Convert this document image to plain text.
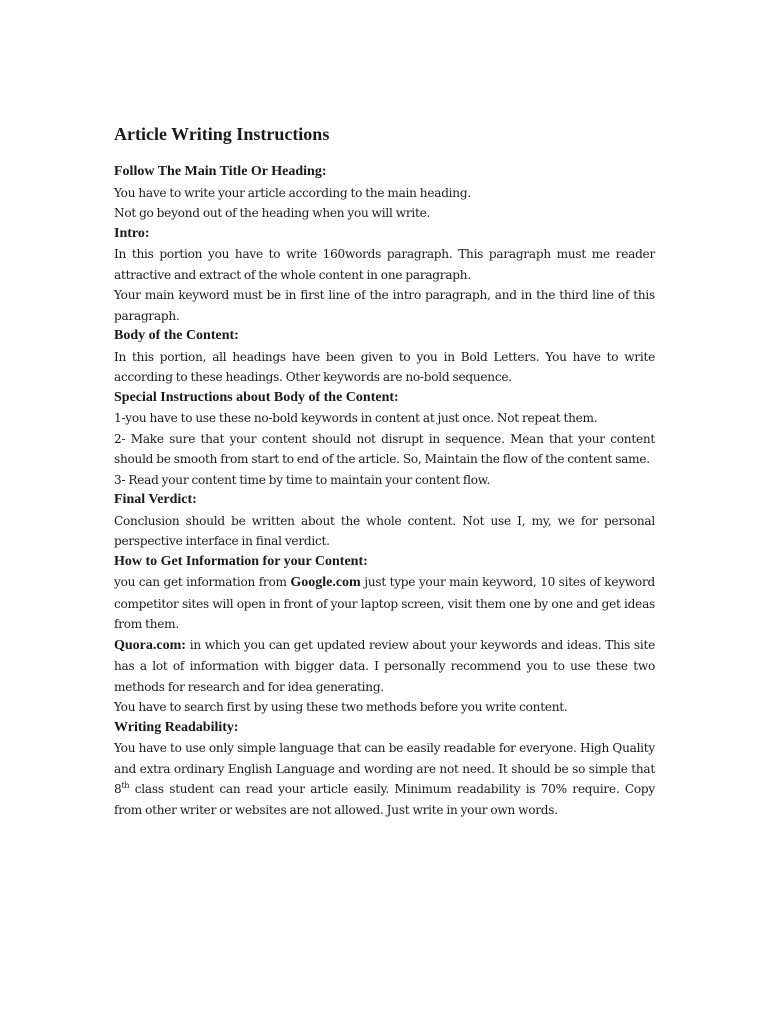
Article Writing Instructions

Follow The Main Title Or Heading:

You have to write your article according to the main heading.

Not go beyond out of the heading when you will write.

Intro:

In this portion you have to write 160words paragraph. This paragraph must me reader attractive and extract of the whole content in one paragraph.

Your main keyword must be in first line of the intro paragraph, and in the third line of this paragraph.

Body of the Content:

In this portion, all headings have been given to you in Bold Letters. You have to write according to these headings. Other keywords are no-bold sequence.

Special Instructions about Body of the Content:

1-you have to use these no-bold keywords in content at just once. Not repeat them.

2- Make sure that your content should not disrupt in sequence. Mean that your content should be smooth from start to end of the article. So, Maintain the flow of the content same.

3- Read your content time by time to maintain your content flow.

Final Verdict:

Conclusion should be written about the whole content. Not use I, my, we for personal perspective interface in final verdict.

How to Get Information for your Content:

you can get information from Google.com just type your main keyword, 10 sites of keyword competitor sites will open in front of your laptop screen, visit them one by one and get ideas from them.

Quora.com: in which you can get updated review about your keywords and ideas. This site has a lot of information with bigger data. I personally recommend you to use these two methods for research and for idea generating.

You have to search first by using these two methods before you write content.

Writing Readability:

You have to use only simple language that can be easily readable for everyone. High Quality and extra ordinary English Language and wording are not need. It should be so simple that 8th class student can read your article easily. Minimum readability is 70% require. Copy from other writer or websites are not allowed. Just write in your own words.
